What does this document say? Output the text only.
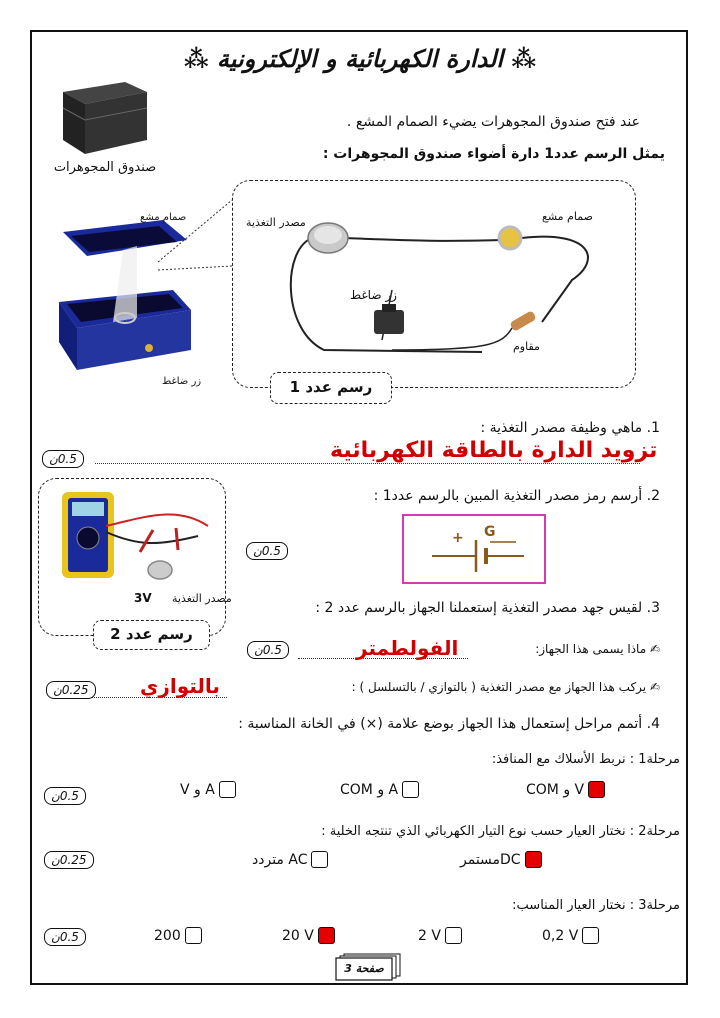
⁂ الدارة الكهربائية و الإلكترونية ⁂
صندوق المجوهرات
عند فتح صندوق المجوهرات يضيء الصمام المشع .
يمثل الرسم عدد1 دارة أضواء صندوق المجوهرات :
صمام مشع
زر ضاغط
مصدر التغذية	صمام مشع
زر ضاغط
مقاوم
رسم عدد 1
1. ماهي وظيفة مصدر التغذية :
تزويد الدارة بالطاقة الكهربائية
0.5ن
مصدر التغذية
3V
رسم عدد 2
2. أرسم رمز مصدر التغذية المبين بالرسم عدد1 :
+ G
0.5ن
3. لقيس جهد مصدر التغذية إستعملنا الجهاز بالرسم عدد 2 :
✍ ماذا يسمى هذا الجهاز:
الفولطمتر
0.5ن
✍ يركب هذا الجهاز مع مصدر التغذية ( بالتوازي / بالتسلسل ) :
بالتوازي
0.25ن
4. أتمم مراحل إستعمال هذا الجهاز بوضع علامة (×) في الخانة المناسبة :
مرحلة1 : نربط الأسلاك مع المنافذ:
0.5ن	COM و V
COM و A
V و A
مرحلة2 : نختار العيار حسب نوع التيار الكهربائي الذي تنتجه الخلية :
0.25ن	مستمرDC
متردد AC
مرحلة3 : نختار العيار المناسب:
0.5ن	0,2 V
2 V
20 V
200
صفحة 3
